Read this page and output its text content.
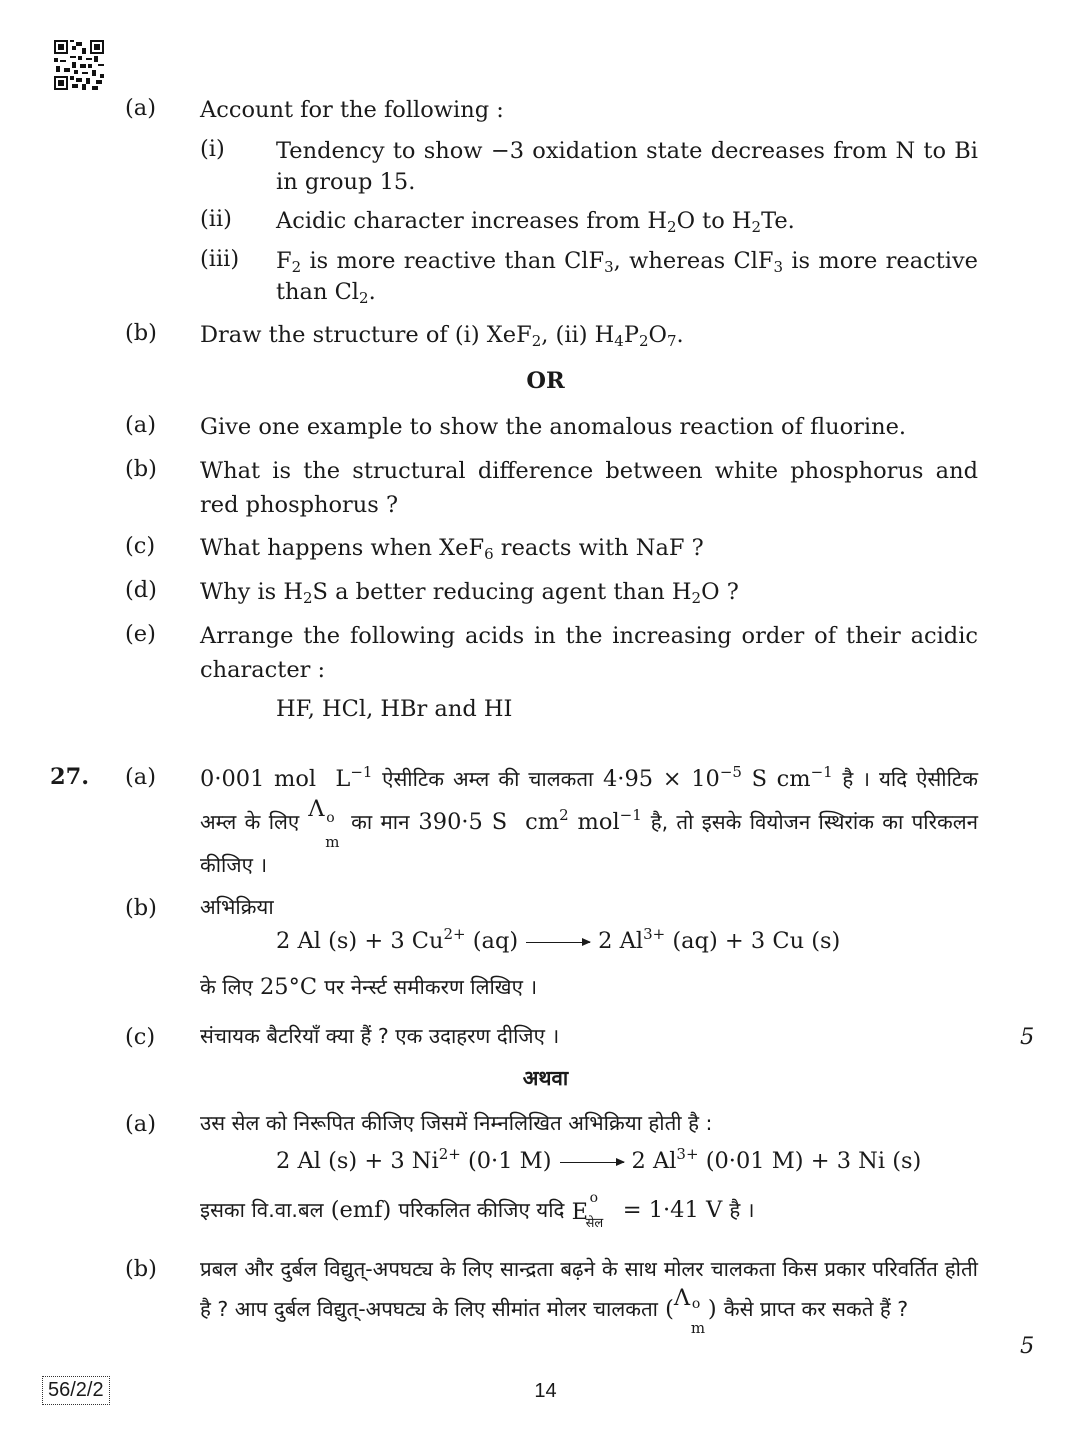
(a) Account for the following :
(i) Tendency to show −3 oxidation state decreases from N to Bi in group 15.
(ii) Acidic character increases from $H_2O$ to $H_2Te$.
(iii) $F_2$ is more reactive than ClF$_3$, whereas ClF$_3$ is more reactive than $Cl_2$.
(b) Draw the structure of (i) XeF$_2$, (ii) $H_4P_2O_7$.
OR
(a) Give one example to show the anomalous reaction of fluorine.
(b) What is the structural difference between white phosphorus and red phosphorus ?
(c) What happens when XeF$_6$ reacts with NaF ?
(d) Why is $H_2S$ a better reducing agent than $H_2O$ ?
(e) Arrange the following acids in the increasing order of their acidic character :
HF, HCl, HBr and HI
27. (a) 0·001 mol  $L^{-1}$ ऐसीटिक अम्ल की चालकता $4\cdot 95 \times 10^{-5}$ S $cm^{-1}$ है । यदि ऐसीटिक अम्ल के लिए Λ o
m
का मान 390·5 S  $cm^2$ mol$^{-1}$ है, तो इसके वियोजन स्थिरांक का परिकलन कीजिए ।
(b) अभिक्रिया
2 Al (s) + 3 $Cu^{2+}$ (aq) → 2 $Al^{3+}$ (aq) + 3 Cu (s)
के लिए 25°C पर नेर्न्स्ट समीकरण लिखिए ।
(c) संचायक बैटरियाँ क्या हैं ? एक उदाहरण दीजिए ।	5
अथवा
(a) उस सेल को निरूपित कीजिए जिसमें निम्नलिखित अभिक्रिया होती है :
2 Al (s) + 3 $Ni^{2+}$ (0·1 M) → 2 $Al^{3+}$ (0·01 M) + 3 Ni (s)
इसका वि.वा.बल (emf) परिकलित कीजिए यदि E
o
सेल
= 1·41 V है ।
(b) प्रबल और दुर्बल विद्युत्-अपघट्य के लिए सान्द्रता बढ़ने के साथ मोलर चालकता किस प्रकार परिवर्तित होती है ? आप दुर्बल विद्युत्-अपघट्य के लिए सीमांत मोलर चालकता ( Λ o
m
) कैसे प्राप्त कर सकते हैं ?
5
56/2/2	14
